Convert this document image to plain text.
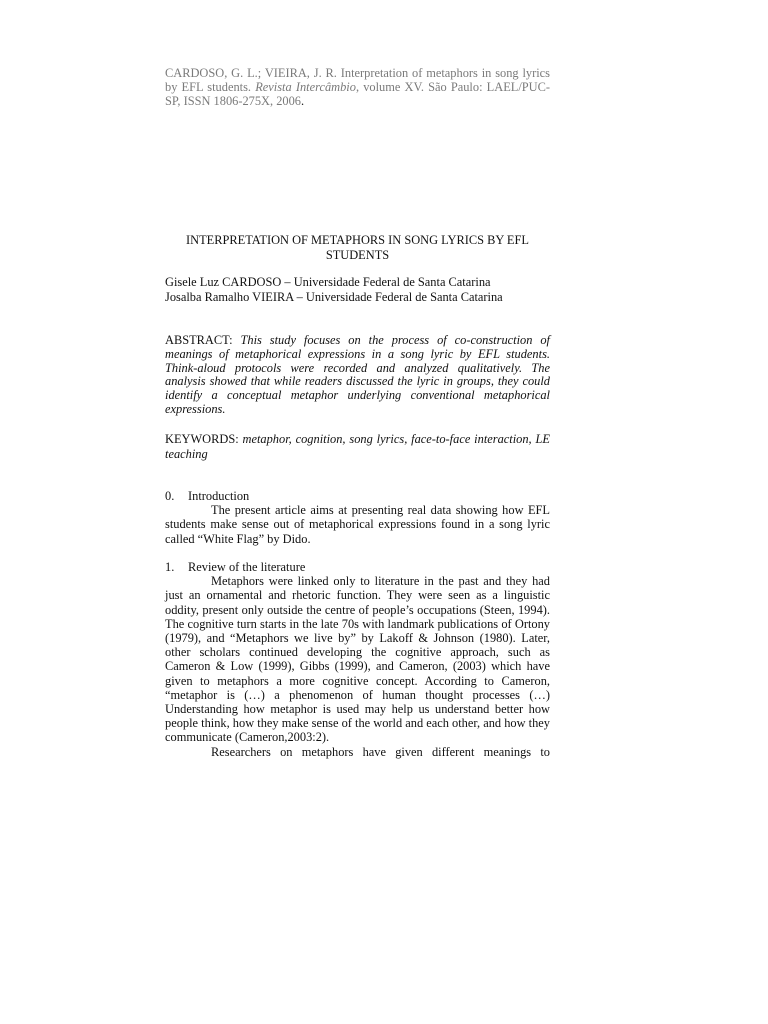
CARDOSO, G. L.; VIEIRA, J. R. Interpretation of metaphors in song lyrics by EFL students. Revista Intercâmbio, volume XV. São Paulo: LAEL/PUC-SP, ISSN 1806-275X, 2006.
INTERPRETATION OF METAPHORS IN SONG LYRICS BY EFL STUDENTS
Gisele Luz CARDOSO – Universidade Federal de Santa Catarina
Josalba Ramalho VIEIRA – Universidade Federal de Santa Catarina
ABSTRACT: This study focuses on the process of co-construction of meanings of metaphorical expressions in a song lyric by EFL students. Think-aloud protocols were recorded and analyzed qualitatively. The analysis showed that while readers discussed the lyric in groups, they could identify a conceptual metaphor underlying conventional metaphorical expressions.
KEYWORDS: metaphor, cognition, song lyrics, face-to-face interaction, LE teaching
0.	Introduction

The present article aims at presenting real data showing how EFL students make sense out of metaphorical expressions found in a song lyric called “White Flag” by Dido.

1.	Review of the literature

Metaphors were linked only to literature in the past and they had just an ornamental and rhetoric function. They were seen as a linguistic oddity, present only outside the centre of people’s occupations (Steen, 1994). The cognitive turn starts in the late 70s with landmark publications of Ortony (1979), and “Metaphors we live by” by Lakoff & Johnson (1980). Later, other scholars continued developing the cognitive approach, such as Cameron & Low (1999), Gibbs (1999), and Cameron, (2003) which have given to metaphors a more cognitive concept. According to Cameron, “metaphor is (…) a phenomenon of human thought processes (…) Understanding how metaphor is used may help us understand better how people think, how they make sense of the world and each other, and how they communicate (Cameron,2003:2).

Researchers on metaphors have given different meanings to
